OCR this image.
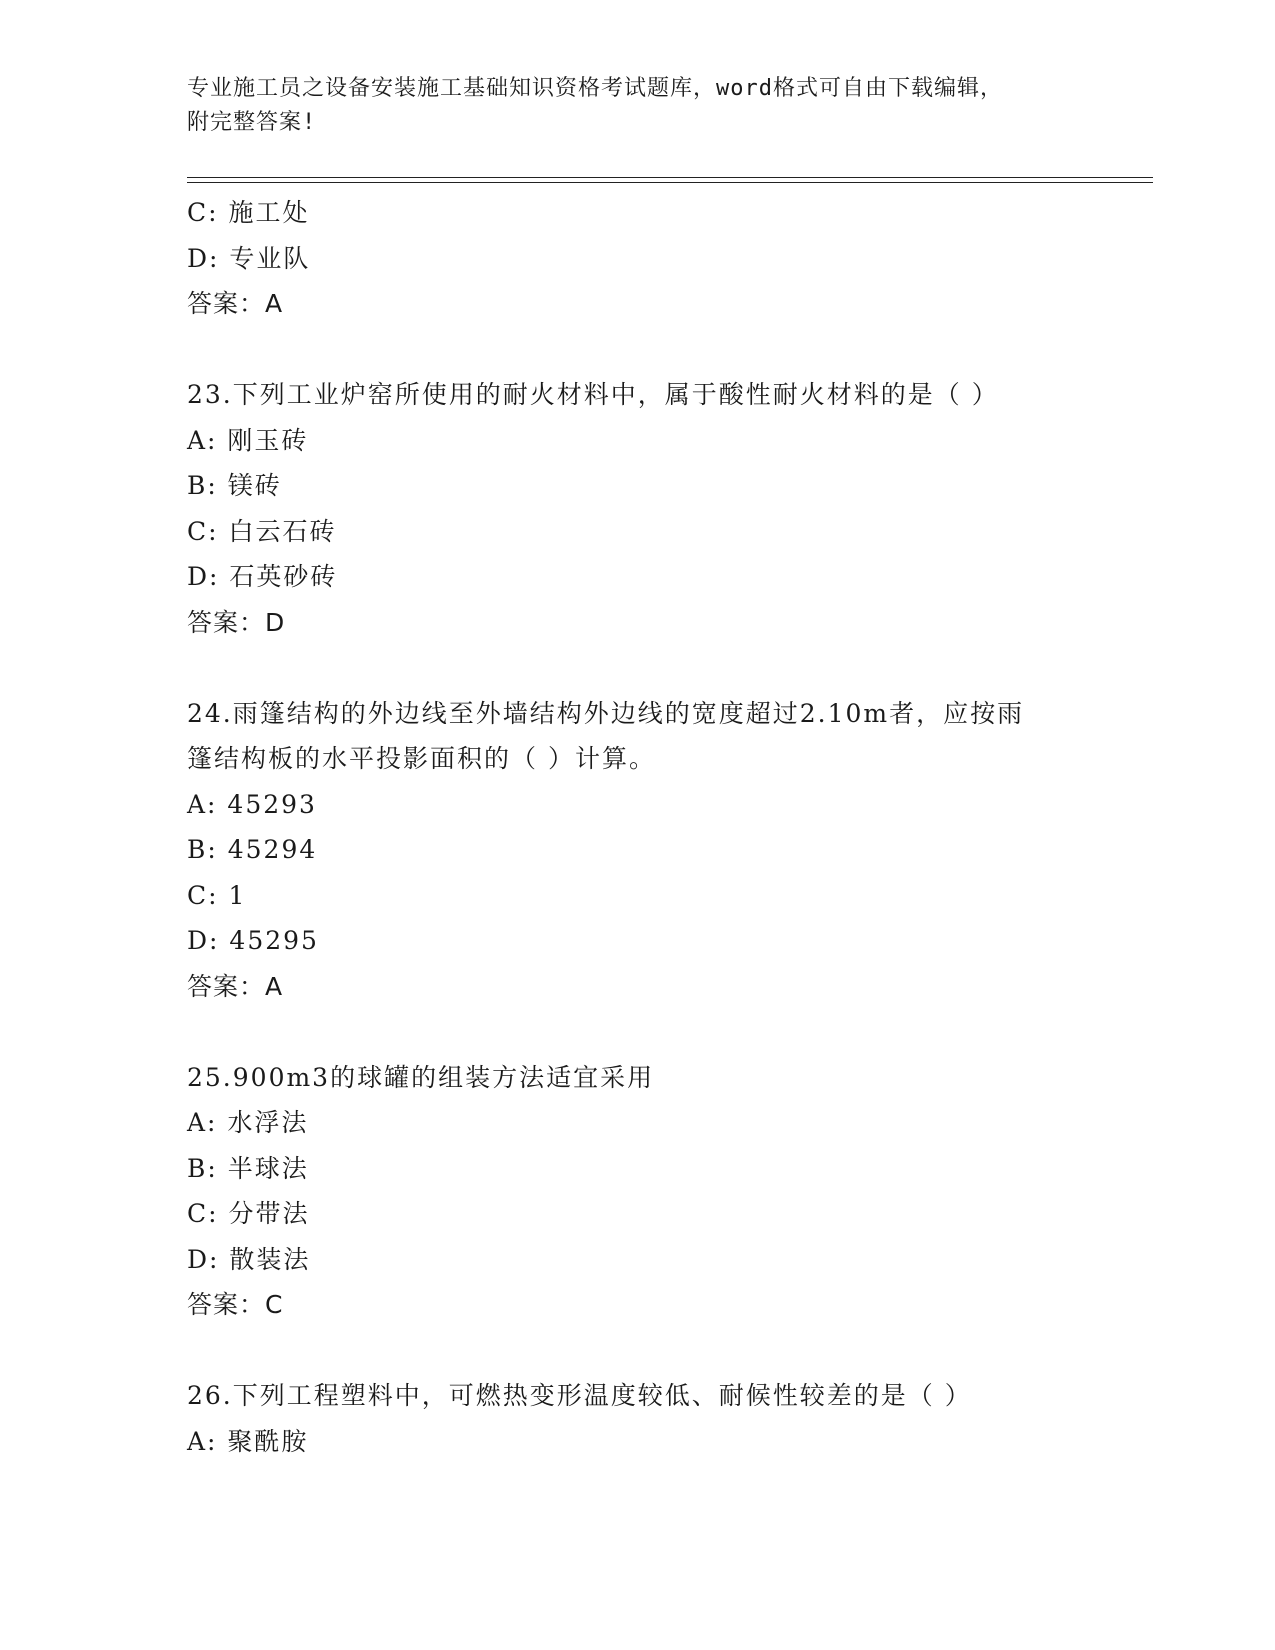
专业施工员之设备安装施工基础知识资格考试题库，word格式可自由下载编辑，
附完整答案!
C: 施工处
D: 专业队
答案：A
23.下列工业炉窑所使用的耐火材料中，属于酸性耐火材料的是（ ）
A: 刚玉砖
B: 镁砖
C: 白云石砖
D: 石英砂砖
答案：D
24.雨篷结构的外边线至外墙结构外边线的宽度超过2.10m者，应按雨
篷结构板的水平投影面积的（ ）计算。
A: 45293
B: 45294
C: 1
D: 45295
答案：A
25.900m3的球罐的组装方法适宜采用
A: 水浮法
B: 半球法
C: 分带法
D: 散装法
答案：C
26.下列工程塑料中，可燃热变形温度较低、耐候性较差的是（ ）
A: 聚酰胺
